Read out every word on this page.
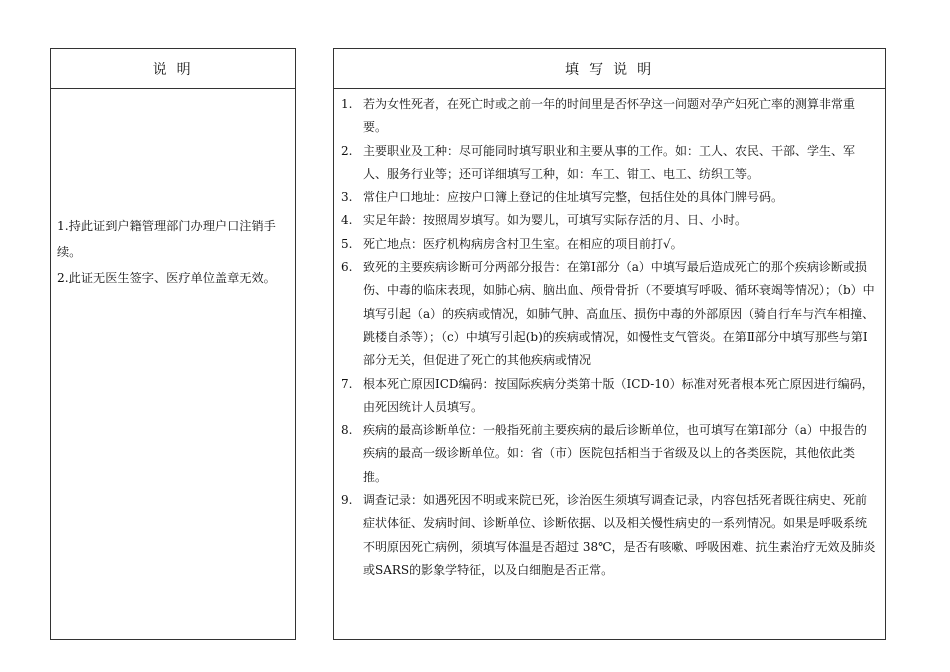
说 明

1.持此证到户籍管理部门办理户口注销手续。

2.此证无医生签字、医疗单位盖章无效。

填 写 说 明
1. 若为女性死者，在死亡时或之前一年的时间里是否怀孕这一问题对孕产妇死亡率的测算非常重要。
2. 主要职业及工种：尽可能同时填写职业和主要从事的工作。如：工人、农民、干部、学生、军人、服务行业等；还可详细填写工种，如：车工、钳工、电工、纺织工等。
3. 常住户口地址：应按户口簿上登记的住址填写完整，包括住处的具体门牌号码。
4. 实足年龄：按照周岁填写。如为婴儿，可填写实际存活的月、日、小时。
5. 死亡地点：医疗机构病房含村卫生室。在相应的项目前打√。
6. 致死的主要疾病诊断可分两部分报告：在第Ⅰ部分（a）中填写最后造成死亡的那个疾病诊断或损伤、中毒的临床表现，如肺心病、脑出血、颅骨骨折（不要填写呼吸、循环衰竭等情况）；（b）中填写引起（a）的疾病或情况，如肺气肿、高血压、损伤中毒的外部原因（骑自行车与汽车相撞、跳楼自杀等）；（c）中填写引起(b)的疾病或情况，如慢性支气管炎。在第Ⅱ部分中填写那些与第Ⅰ部分无关，但促进了死亡的其他疾病或情况
7. 根本死亡原因ICD编码：按国际疾病分类第十版（ICD-10）标准对死者根本死亡原因进行编码，由死因统计人员填写。
8. 疾病的最高诊断单位：一般指死前主要疾病的最后诊断单位，也可填写在第Ⅰ部分（a）中报告的疾病的最高一级诊断单位。如：省（市）医院包括相当于省级及以上的各类医院，其他依此类推。
9. 调查记录：如遇死因不明或来院已死，诊治医生须填写调查记录，内容包括死者既往病史、死前症状体征、发病时间、诊断单位、诊断依据、以及相关慢性病史的一系列情况。如果是呼吸系统不明原因死亡病例，须填写体温是否超过 38℃，是否有咳嗽、呼吸困难、抗生素治疗无效及肺炎或SARS的影象学特征，以及白细胞是否正常。
